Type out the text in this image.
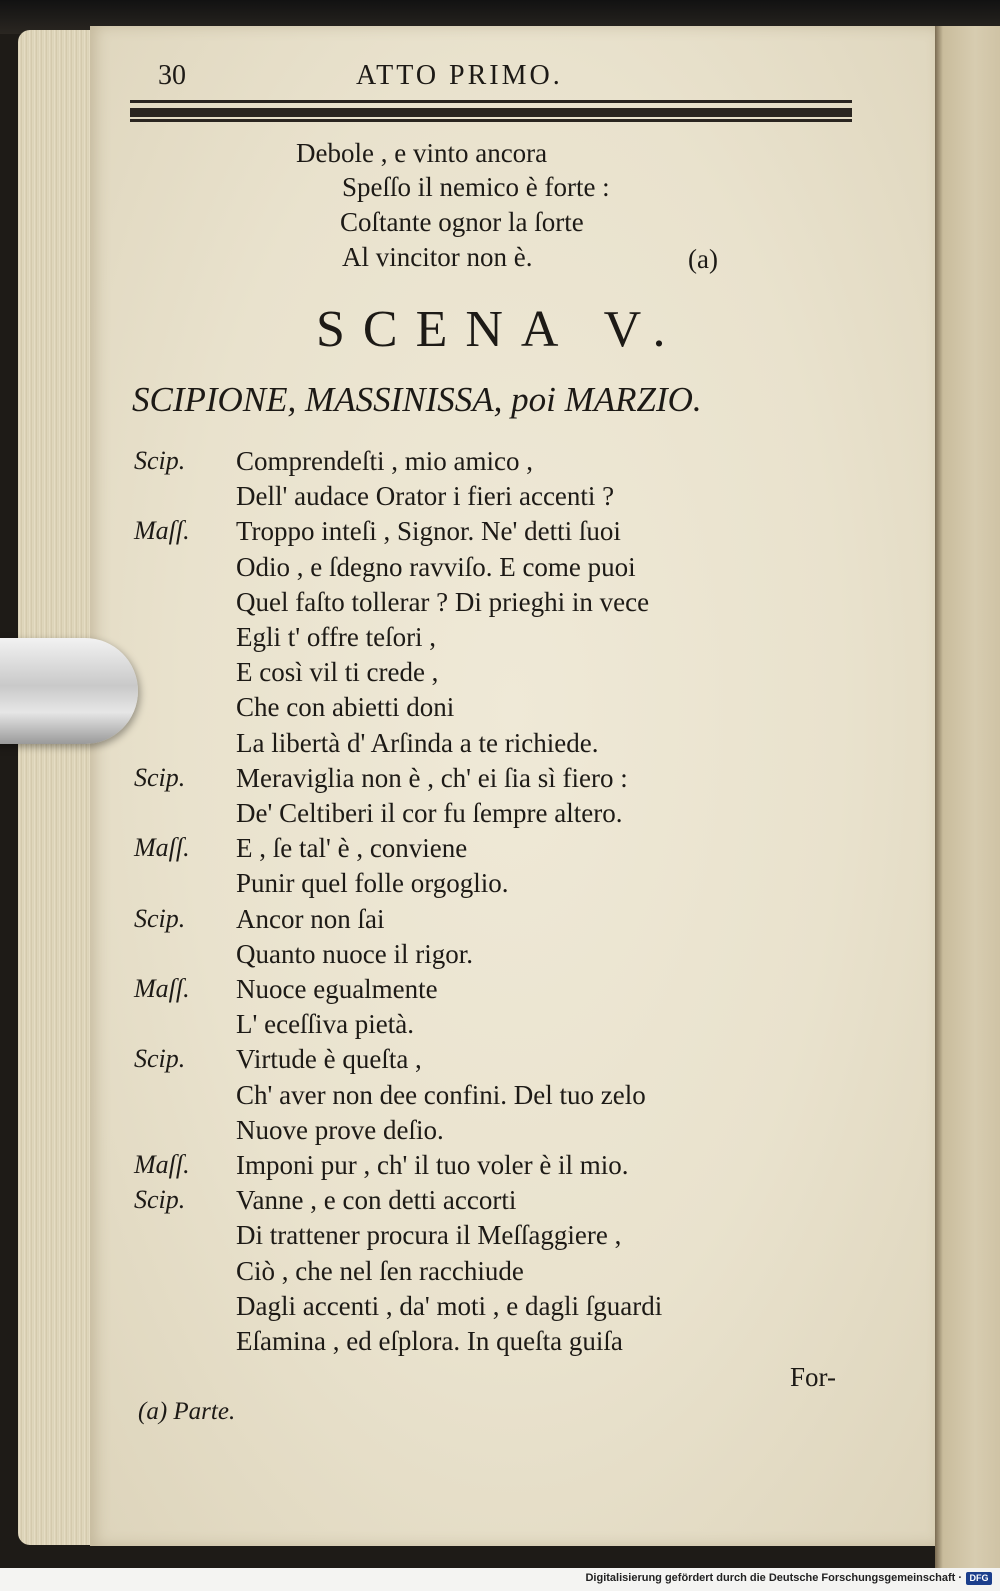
30	ATTO PRIMO.
Debole , e vinto ancora
Speſſo il nemico è forte :
Coſtante ognor la ſorte
Al vincitor non è.	(a)
SCENA V.
SCIPIONE, MASSINISSA, poi MARZIO.
Scip. Comprendeſti , mio amico ,
Dell' audace Orator i fieri accenti ?
Maſſ. Troppo inteſi , Signor. Ne' detti ſuoi
Odio , e ſdegno ravviſo. E come puoi
Quel faſto tollerar ? Di prieghi in vece
Egli t' offre teſori ,
E così vil ti crede ,
Che con abietti doni
La libertà d' Arſinda a te richiede.
Scip. Meraviglia non è , ch' ei ſia sì fiero :
De' Celtiberi il cor fu ſempre altero.
Maſſ. E , ſe tal' è , conviene
Punir quel folle orgoglio.
Scip. Ancor non ſai
Quanto nuoce il rigor.
Maſſ. Nuoce egualmente
L' eceſſiva pietà.
Scip. Virtude è queſta ,
Ch' aver non dee confini. Del tuo zelo
Nuove prove deſio.
Maſſ. Imponi pur , ch' il tuo voler è il mio.
Scip. Vanne , e con detti accorti
Di trattener procura il Meſſaggiere ,
Ciò , che nel ſen racchiude
Dagli accenti , da' moti , e dagli ſguardi
Eſamina , ed eſplora. In queſta guiſa
For-
(a) Parte.
Digitalisierung gefördert durch die Deutsche Forschungsgemeinschaft · DFG
